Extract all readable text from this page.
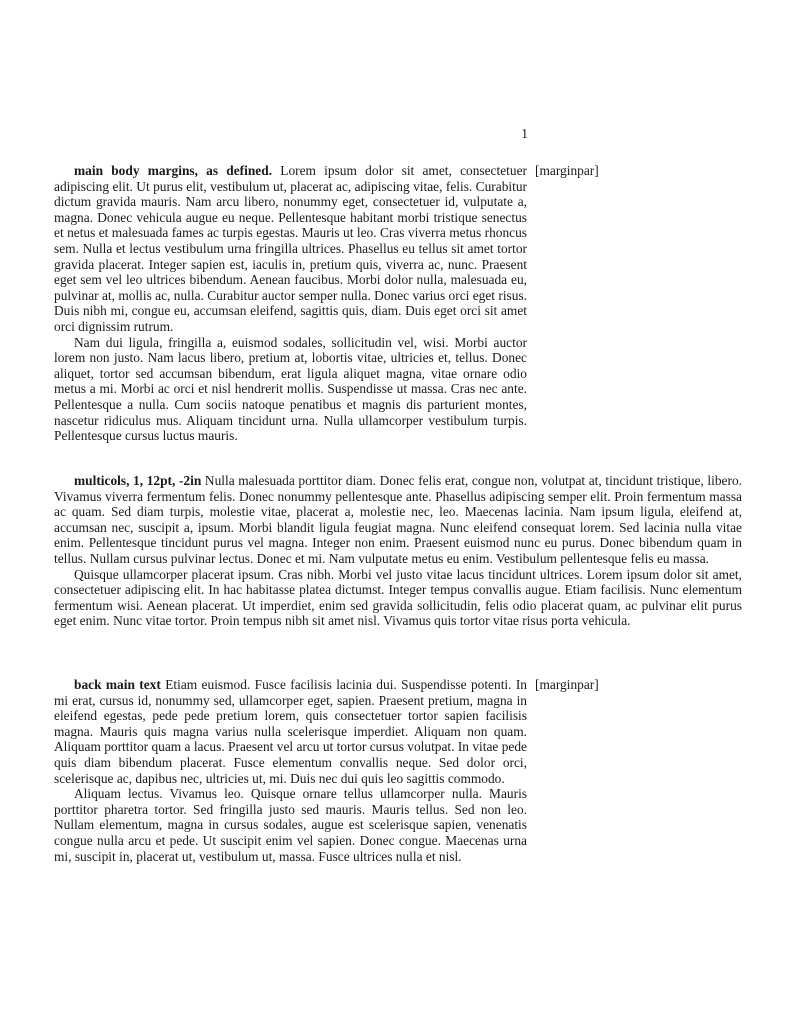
1

main body margins, as defined. Lorem ipsum dolor sit amet, consectetuer adipiscing elit. Ut purus elit, vestibulum ut, placerat ac, adipiscing vitae, felis. Curabitur dictum gravida mauris. Nam arcu libero, nonummy eget, consectetuer id, vulputate a, magna. Donec vehicula augue eu neque. Pellentesque habitant morbi tristique senectus et netus et malesuada fames ac turpis egestas. Mauris ut leo. Cras viverra metus rhoncus sem. Nulla et lectus vestibulum urna fringilla ultrices. Phasellus eu tellus sit amet tortor gravida placerat. Integer sapien est, iaculis in, pretium quis, viverra ac, nunc. Praesent eget sem vel leo ultrices bibendum. Aenean faucibus. Morbi dolor nulla, malesuada eu, pulvinar at, mollis ac, nulla. Curabitur auctor semper nulla. Donec varius orci eget risus. Duis nibh mi, congue eu, accumsan eleifend, sagittis quis, diam. Duis eget orci sit amet orci dignissim rutrum.

Nam dui ligula, fringilla a, euismod sodales, sollicitudin vel, wisi. Morbi auctor lorem non justo. Nam lacus libero, pretium at, lobortis vitae, ultricies et, tellus. Donec aliquet, tortor sed accumsan bibendum, erat ligula aliquet magna, vitae ornare odio metus a mi. Morbi ac orci et nisl hendrerit mollis. Suspendisse ut massa. Cras nec ante. Pellentesque a nulla. Cum sociis natoque penatibus et magnis dis parturient montes, nascetur ridiculus mus. Aliquam tincidunt urna. Nulla ullamcorper vestibulum turpis. Pellentesque cursus luctus mauris.

[marginpar]

multicols, 1, 12pt, -2in Nulla malesuada porttitor diam. Donec felis erat, congue non, volutpat at, tincidunt tristique, libero. Vivamus viverra fermentum felis. Donec nonummy pellentesque ante. Phasellus adipiscing semper elit. Proin fermentum massa ac quam. Sed diam turpis, molestie vitae, placerat a, molestie nec, leo. Maecenas lacinia. Nam ipsum ligula, eleifend at, accumsan nec, suscipit a, ipsum. Morbi blandit ligula feugiat magna. Nunc eleifend consequat lorem. Sed lacinia nulla vitae enim. Pellentesque tincidunt purus vel magna. Integer non enim. Praesent euismod nunc eu purus. Donec bibendum quam in tellus. Nullam cursus pulvinar lectus. Donec et mi. Nam vulputate metus eu enim. Vestibulum pellentesque felis eu massa.

Quisque ullamcorper placerat ipsum. Cras nibh. Morbi vel justo vitae lacus tincidunt ultrices. Lorem ipsum dolor sit amet, consectetuer adipiscing elit. In hac habitasse platea dictumst. Integer tempus convallis augue. Etiam facilisis. Nunc elementum fermentum wisi. Aenean placerat. Ut imperdiet, enim sed gravida sollicitudin, felis odio placerat quam, ac pulvinar elit purus eget enim. Nunc vitae tortor. Proin tempus nibh sit amet nisl. Vivamus quis tortor vitae risus porta vehicula.

back main text Etiam euismod. Fusce facilisis lacinia dui. Suspendisse potenti. In mi erat, cursus id, nonummy sed, ullamcorper eget, sapien. Praesent pretium, magna in eleifend egestas, pede pede pretium lorem, quis consectetuer tortor sapien facilisis magna. Mauris quis magna varius nulla scelerisque imperdiet. Aliquam non quam. Aliquam porttitor quam a lacus. Praesent vel arcu ut tortor cursus volutpat. In vitae pede quis diam bibendum placerat. Fusce elementum convallis neque. Sed dolor orci, scelerisque ac, dapibus nec, ultricies ut, mi. Duis nec dui quis leo sagittis commodo.

Aliquam lectus. Vivamus leo. Quisque ornare tellus ullamcorper nulla. Mauris porttitor pharetra tortor. Sed fringilla justo sed mauris. Mauris tellus. Sed non leo. Nullam elementum, magna in cursus sodales, augue est scelerisque sapien, venenatis congue nulla arcu et pede. Ut suscipit enim vel sapien. Donec congue. Maecenas urna mi, suscipit in, placerat ut, vestibulum ut, massa. Fusce ultrices nulla et nisl.

[marginpar]
